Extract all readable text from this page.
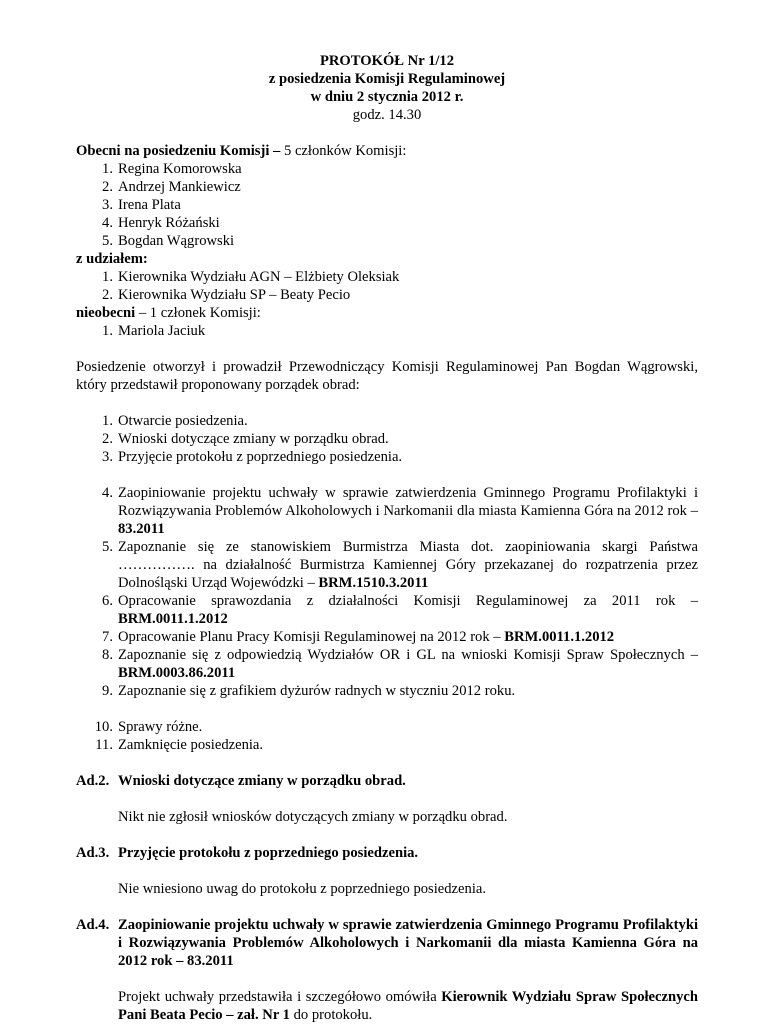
PROTOKÓŁ Nr 1/12
z posiedzenia Komisji Regulaminowej
w dniu 2 stycznia 2012 r.
godz. 14.30
Obecni na posiedzeniu Komisji – 5 członków Komisji:
1. Regina Komorowska
2. Andrzej Mankiewicz
3. Irena Plata
4. Henryk Różański
5. Bogdan Wągrowski
z udziałem:
1. Kierownika Wydziału AGN – Elżbiety Oleksiak
2. Kierownika Wydziału SP – Beaty Pecio
nieobecni – 1 członek Komisji:
1. Mariola Jaciuk
Posiedzenie otworzył i prowadził Przewodniczący Komisji Regulaminowej Pan Bogdan Wągrowski, który przedstawił proponowany porządek obrad:
1. Otwarcie posiedzenia.
2. Wnioski dotyczące zmiany w porządku obrad.
3. Przyjęcie protokołu z poprzedniego posiedzenia.
4. Zaopiniowanie projektu uchwały w sprawie zatwierdzenia Gminnego Programu Profilaktyki i Rozwiązywania Problemów Alkoholowych i Narkomanii dla miasta Kamienna Góra na 2012 rok – 83.2011
5. Zapoznanie się ze stanowiskiem Burmistrza Miasta dot. zaopiniowania skargi Państwa ……………. na działalność Burmistrza Kamiennej Góry przekazanej do rozpatrzenia przez Dolnośląski Urząd Wojewódzki – BRM.1510.3.2011
6. Opracowanie sprawozdania z działalności Komisji Regulaminowej za 2011 rok – BRM.0011.1.2012
7. Opracowanie Planu Pracy Komisji Regulaminowej na 2012 rok – BRM.0011.1.2012
8. Zapoznanie się z odpowiedzią Wydziałów OR i GL na wnioski Komisji Spraw Społecznych – BRM.0003.86.2011
9. Zapoznanie się z grafikiem dyżurów radnych w styczniu 2012 roku.
10. Sprawy różne.
11. Zamknięcie posiedzenia.
Ad.2. Wnioski dotyczące zmiany w porządku obrad.
Nikt nie zgłosił wniosków dotyczących zmiany w porządku obrad.
Ad.3. Przyjęcie protokołu z poprzedniego posiedzenia.
Nie wniesiono uwag do protokołu z poprzedniego posiedzenia.
Ad.4. Zaopiniowanie projektu uchwały w sprawie zatwierdzenia Gminnego Programu Profilaktyki i Rozwiązywania Problemów Alkoholowych i Narkomanii dla miasta Kamienna Góra na 2012 rok – 83.2011
Projekt uchwały przedstawiła i szczegółowo omówiła Kierownik Wydziału Spraw Społecznych Pani Beata Pecio – zał. Nr 1 do protokołu.
